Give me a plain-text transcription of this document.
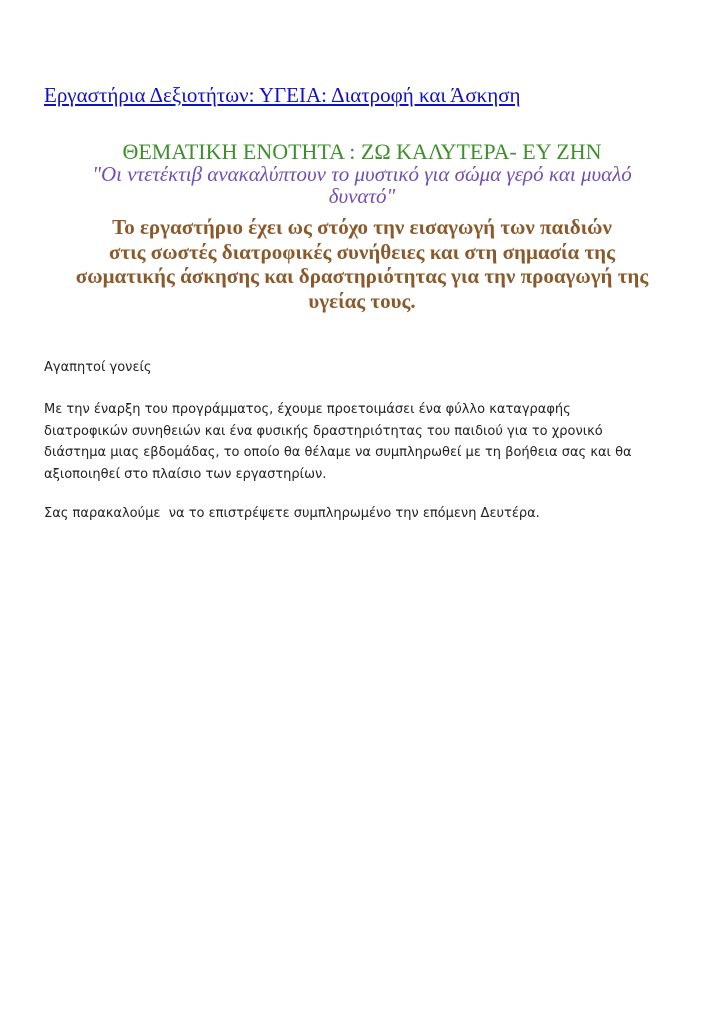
Εργαστήρια Δεξιοτήτων: ΥΓΕΙΑ: Διατροφή και Άσκηση
ΘΕΜΑΤΙΚΗ ΕΝΟΤΗΤΑ : ΖΩ ΚΑΛΥΤΕΡΑ- ΕΥ ΖΗΝ
"Οι ντετέκτιβ ανακαλύπτουν το μυστικό για σώμα γερό και μυαλό
δυνατό"
Το εργαστήριο έχει ως στόχο την εισαγωγή των παιδιών
στις σωστές διατροφικές συνήθειες και στη σημασία της
σωματικής άσκησης και δραστηριότητας για την προαγωγή της
υγείας τους.

Αγαπητοί γονείς

Με την έναρξη του προγράμματος, έχουμε προετοιμάσει ένα φύλλο καταγραφής
διατροφικών συνηθειών και ένα φυσικής δραστηριότητας του παιδιού για το χρονικό
διάστημα μιας εβδομάδας, το οποίο θα θέλαμε να συμπληρωθεί με τη βοήθεια σας και θα
αξιοποιηθεί στο πλαίσιο των εργαστηρίων.

Σας παρακαλούμε  να το επιστρέψετε συμπληρωμένο την επόμενη Δευτέρα.
